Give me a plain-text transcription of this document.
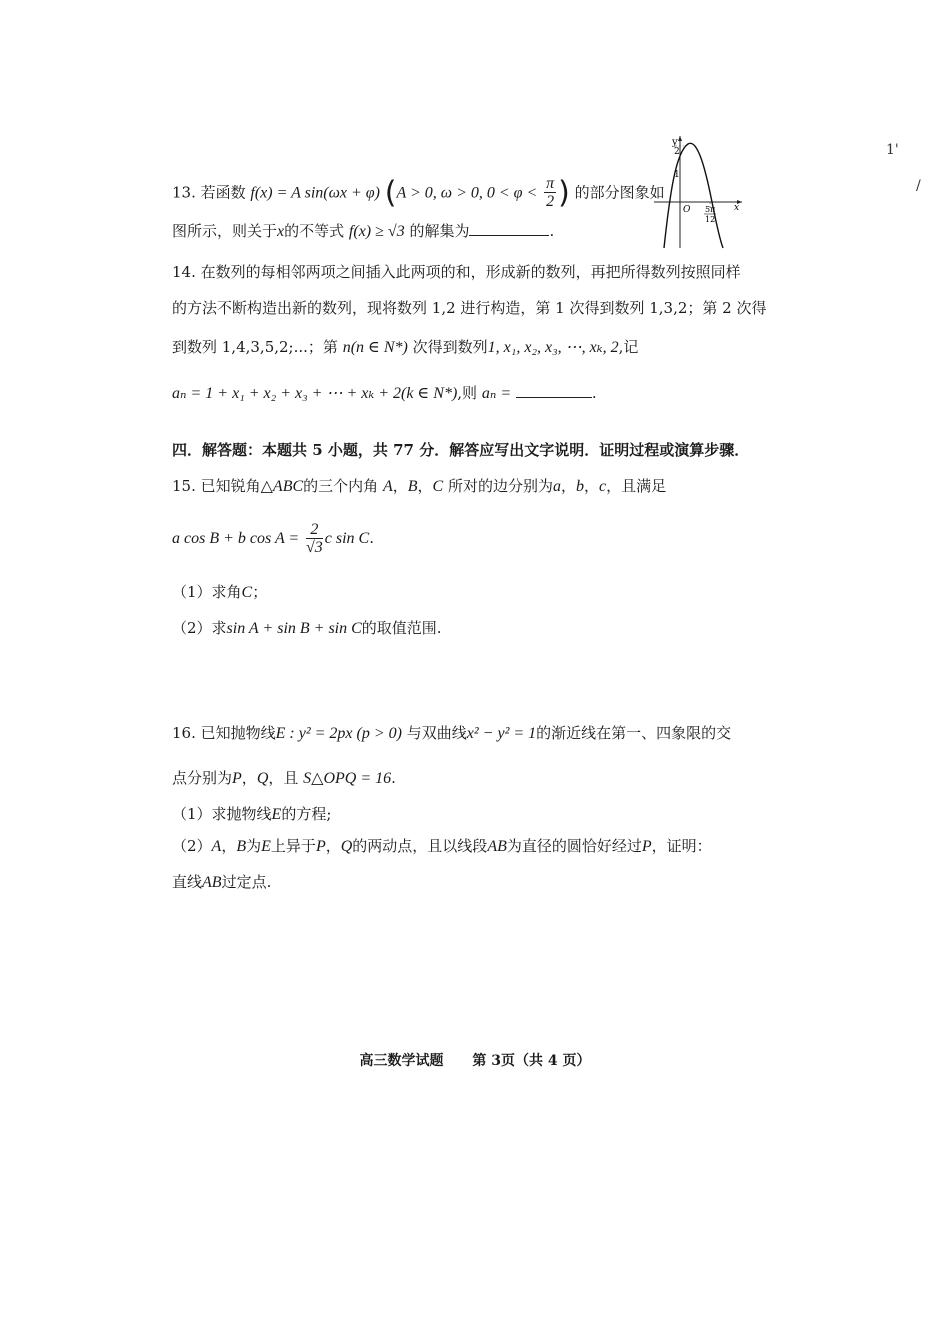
13. 若函数 f(x) = A sin(ωx + φ) (A > 0, ω > 0, $0 < \varphi < \frac{\pi}{2}$ ) 的部分图象如
图所示，则关于x的不等式 f(x) ≥ √3 的解集为	.
y
2
1
O 5π
12
x
14. 在数列的每相邻两项之间插入此两项的和，形成新的数列，再把所得数列按照同样
的方法不断构造出新的数列，现将数列 1,2 进行构造，第 1 次得到数列 1,3,2；第 2 次得
到数列 1,4,3,5,2;...；第 n(n ∈ N*) 次得到数列1, x₁, x₂, x₃, ⋯, xₖ, 2,记
aₙ = 1 + x₁ + x₂ + x₃ + ⋯ + xₖ + 2(k ∈ N*),则 aₙ =	.
四．解答题：本题共 5 小题，共 77 分．解答应写出文字说明．证明过程或演算步骤．
15. 已知锐角△ABC的三个内角 A，B，C 所对的边分别为a，b，c，且满足
a cos B + b $\cos A = \frac{2}{√3}$ c sin C.
（1）求角C；
（2）求sin A + sin B + sin C的取值范围.
16. 已知抛物线E : y² = 2px (p > 0) 与双曲线x² − y² = 1的渐近线在第一、四象限的交
点分别为P，Q，且 S△OPQ = 16.
（1）求抛物线E的方程;
（2）A，B为E上异于P，Q的两动点，且以线段AB为直径的圆恰好经过P，证明：
直线AB过定点.
高三数学试题 第 3页（共 4 页）
1'
/
